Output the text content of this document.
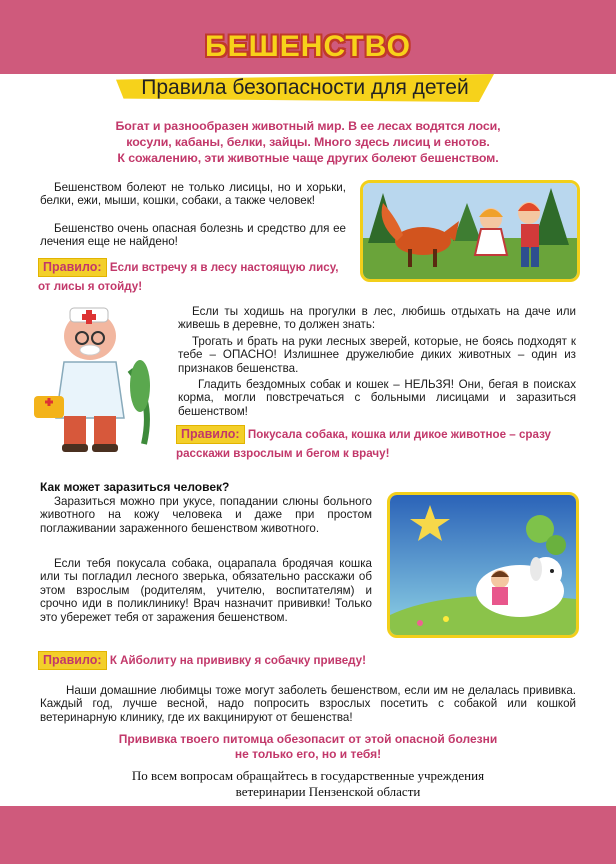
БЕШЕНСТВО
Правила безопасности для детей
Богат и разнообразен животный мир. В ее лесах водятся лоси,
косули, кабаны, белки, зайцы. Много здесь лисиц и енотов.
К сожалению, эти животные чаще других болеют бешенством.
Бешенством болеют не только лисицы, но и хорьки, белки, ежи, мыши, кошки, собаки, а также человек!
Бешенство очень опасная болезнь и средство для ее лечения еще не найдено!
Правило: Если встречу я в лесу настоящую лису,
от лисы я отойду!
Если ты ходишь на прогулки в лес, любишь отдыхать на даче или живешь в деревне, то должен знать:
Трогать и брать на руки лесных зверей, которые, не боясь подходят к тебе – ОПАСНО! Излишнее дружелюбие диких животных – один из признаков бешенства.
Гладить бездомных собак и кошек – НЕЛЬЗЯ! Они, бегая в поисках корма, могли повстречаться с больными лисицами и заразиться бешенством!
Правило: Покусала собака, кошка или дикое животное – сразу
расскажи взрослым и бегом к врачу!
Как может заразиться человек?
Заразиться можно при укусе, попадании слюны больного животного на кожу человека и даже при простом поглаживании зараженного бешенством животного.
Если тебя покусала собака, оцарапала бродячая кошка или ты погладил лесного зверька, обязательно расскажи об этом взрослым (родителям, учителю, воспитателям) и срочно иди в поликлинику! Врач назначит прививки! Только это убережет тебя от заражения бешенством.
Правило: К Айболиту на прививку я собачку приведу!
Наши домашние любимцы тоже могут заболеть бешенством, если им не делалась прививка. Каждый год, лучше весной, надо попросить взрослых посетить с собакой или кошкой ветеринарную клинику, где их вакцинируют от бешенства!
Прививка твоего питомца обезопасит от этой опасной болезни
не только его, но и тебя!
По всем вопросам обращайтесь в государственные учреждения
ветеринарии Пензенской области
